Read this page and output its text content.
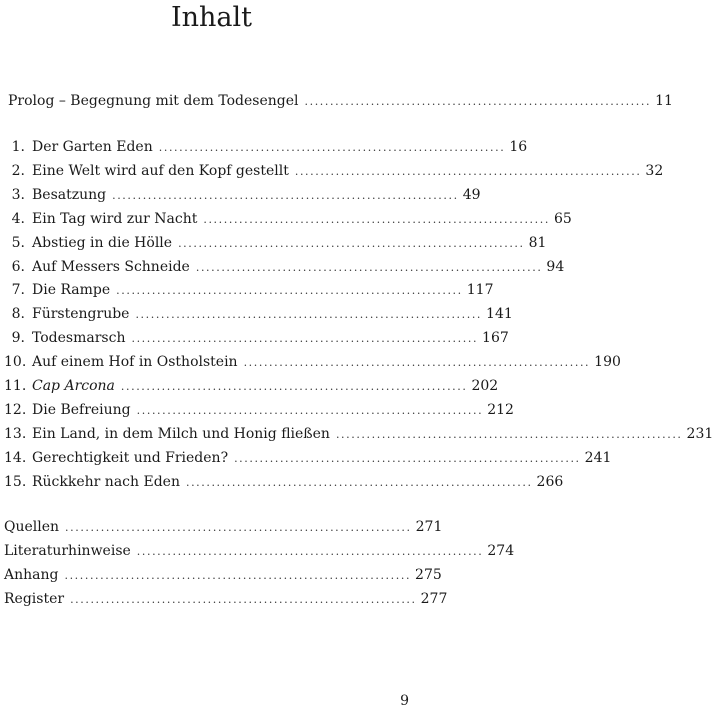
Inhalt
Prolog – Begegnung mit dem Todesengel .................................................................... 11
1. Der Garten Eden .................................................................... 16
2. Eine Welt wird auf den Kopf gestellt .................................................................... 32
3. Besatzung .................................................................... 49
4. Ein Tag wird zur Nacht .................................................................... 65
5. Abstieg in die Hölle .................................................................... 81
6. Auf Messers Schneide .................................................................... 94
7. Die Rampe .................................................................... 117
8. Fürstengrube .................................................................... 141
9. Todesmarsch .................................................................... 167
10. Auf einem Hof in Ostholstein .................................................................... 190
11. Cap Arcona .................................................................... 202
12. Die Befreiung .................................................................... 212
13. Ein Land, in dem Milch und Honig fließen .................................................................... 231
14. Gerechtigkeit und Frieden? .................................................................... 241
15. Rückkehr nach Eden .................................................................... 266
Quellen .................................................................... 271
Literaturhinweise .................................................................... 274
Anhang .................................................................... 275
Register .................................................................... 277
9
